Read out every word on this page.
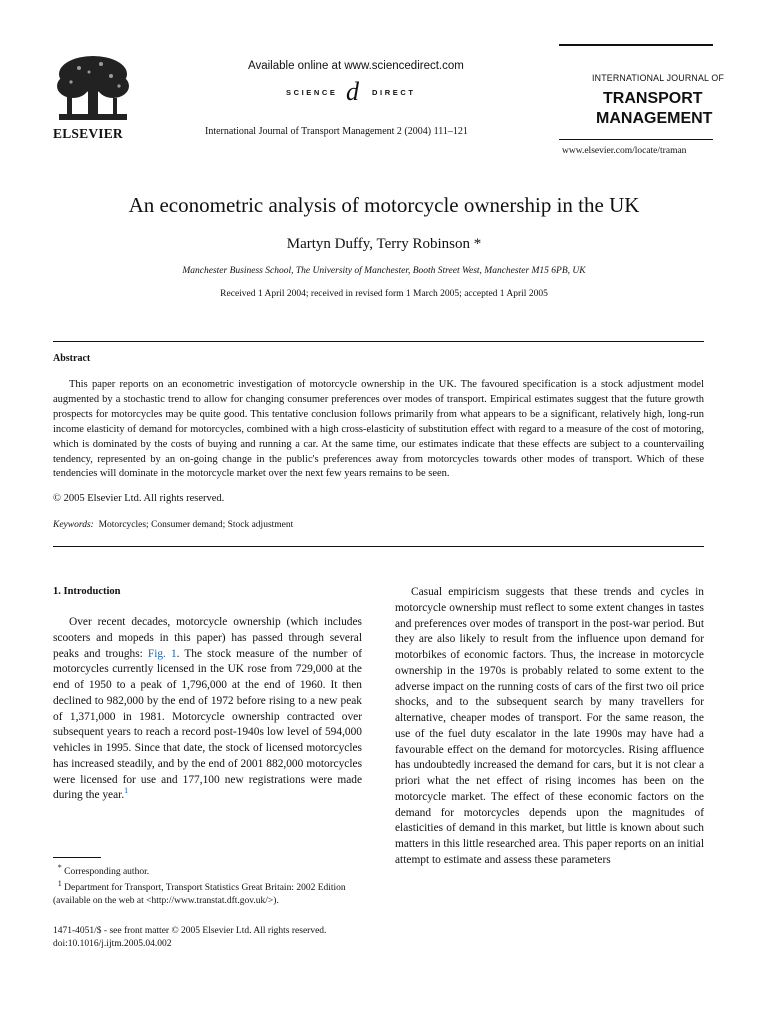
ELSEVIER
Available online at www.sciencedirect.com
SCIENCE d DIRECT
International Journal of Transport Management 2 (2004) 111–121
INTERNATIONAL JOURNAL OF
TRANSPORT
MANAGEMENT
www.elsevier.com/locate/traman
An econometric analysis of motorcycle ownership in the UK
Martyn Duffy, Terry Robinson *
Manchester Business School, The University of Manchester, Booth Street West, Manchester M15 6PB, UK
Received 1 April 2004; received in revised form 1 March 2005; accepted 1 April 2005
Abstract

This paper reports on an econometric investigation of motorcycle ownership in the UK. The favoured specification is a stock adjustment model augmented by a stochastic trend to allow for changing consumer preferences over modes of transport. Empirical estimates suggest that the future growth prospects for motorcycles may be quite good. This tentative conclusion follows primarily from what appears to be a significant, relatively high, long-run income elasticity of demand for motorcycles, combined with a high cross-elasticity of substitution effect with regard to a measure of the cost of motoring, which is dominated by the costs of buying and running a car. At the same time, our estimates indicate that these effects are subject to a countervailing tendency, represented by an on-going change in the public's preferences away from motorcycles towards other modes of transport. Which of these tendencies will dominate in the motorcycle market over the next few years remains to be seen.

© 2005 Elsevier Ltd. All rights reserved.
Keywords: Motorcycles; Consumer demand; Stock adjustment
1. Introduction

Over recent decades, motorcycle ownership (which includes scooters and mopeds in this paper) has passed through several peaks and troughs: Fig. 1. The stock measure of the number of motorcycles currently licensed in the UK rose from 729,000 at the end of 1950 to a peak of 1,796,000 at the end of 1960. It then declined to 982,000 by the end of 1972 before rising to a new peak of 1,371,000 in 1981. Motorcycle ownership contracted over subsequent years to reach a record post-1940s low level of 594,000 vehicles in 1995. Since that date, the stock of licensed motorcycles has increased steadily, and by the end of 2001 882,000 motorcycles were licensed for use and 177,100 new registrations were made during the year.$^1$

Casual empiricism suggests that these trends and cycles in motorcycle ownership must reflect to some extent changes in tastes and preferences over modes of transport in the post-war period. But they are also likely to result from the influence upon demand for motorbikes of economic factors. Thus, the increase in motorcycle ownership in the 1970s is probably related to some extent to the adverse impact on the running costs of cars of the first two oil price shocks, and to the subsequent search by many travellers for alternative, cheaper modes of transport. For the same reason, the use of the fuel duty escalator in the late 1990s may have had a favourable effect on the demand for motorcycles. Rising affluence has undoubtedly increased the demand for cars, but it is not clear a priori what the net effect of rising incomes has been on the motorcycle market. The effect of these economic factors on the demand for motorcycles depends upon the magnitudes of elasticities of demand in this market, but little is known about such matters in this little researched area. This paper reports on an initial attempt to estimate and assess these parameters

* Corresponding author.

$^1$ Department for Transport, Transport Statistics Great Britain: 2002 Edition (available on the web at <http://www.transtat.dft.gov.uk/>).

1471-4051/$ - see front matter © 2005 Elsevier Ltd. All rights reserved.
doi:10.1016/j.ijtm.2005.04.002
